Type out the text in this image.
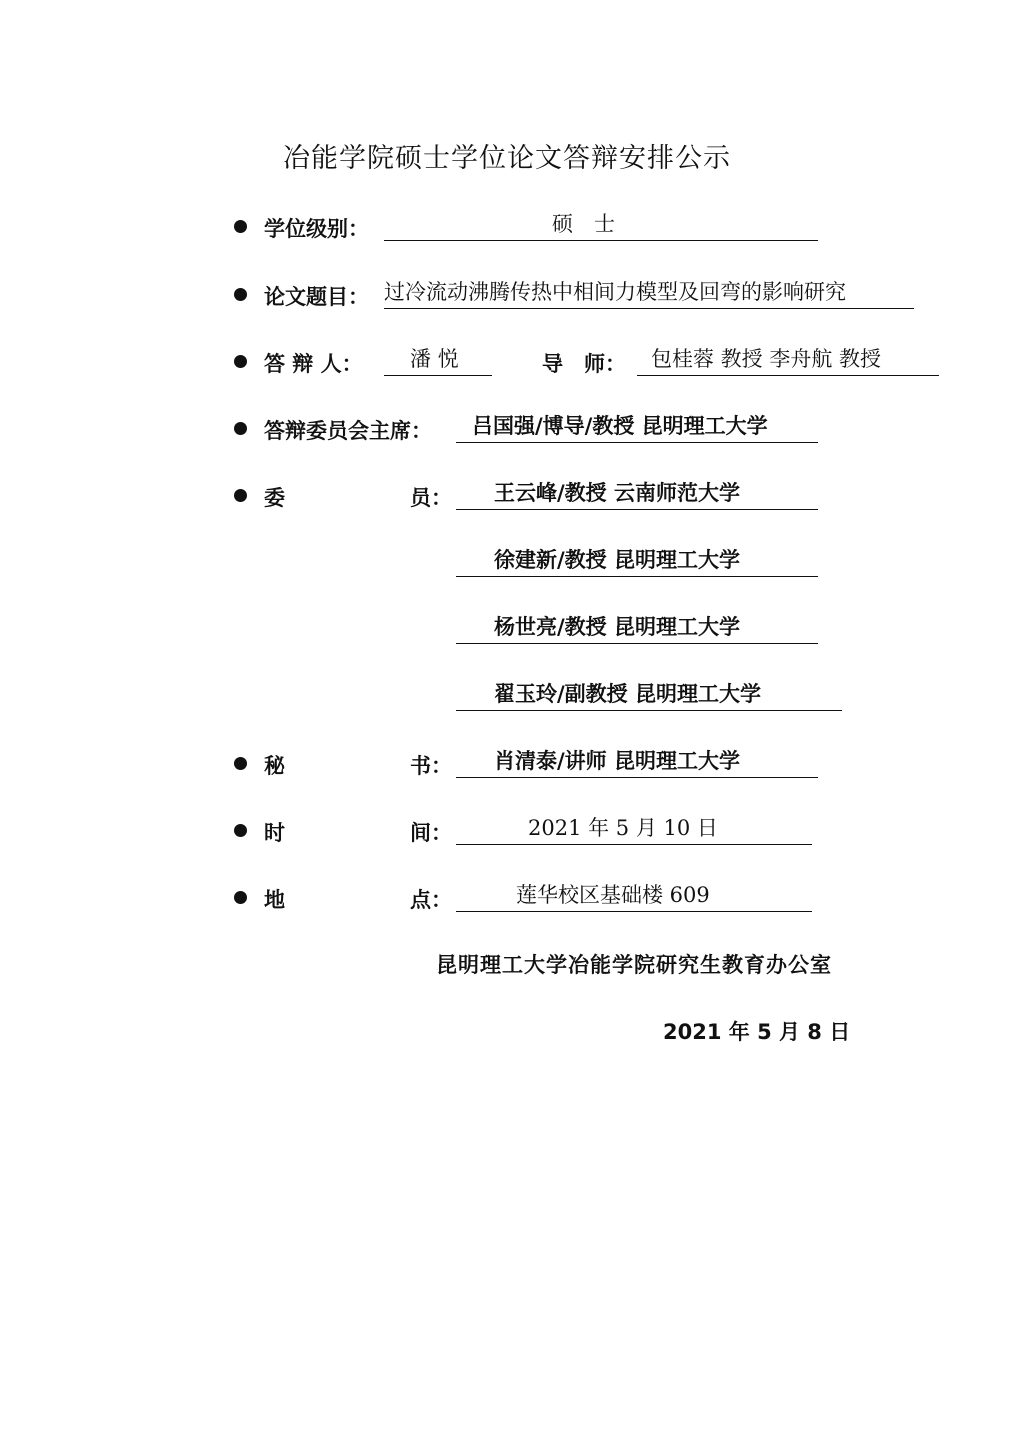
冶能学院硕士学位论文答辩安排公示
学位级别：	硕　士
论文题目： 过冷流动沸腾传热中相间力模型及回弯的影响研究
答 辩 人： 潘 悦	导　师： 包桂蓉 教授 李舟航 教授
答辩委员会主席： 吕国强/博导/教授 昆明理工大学
委	员： 王云峰/教授 云南师范大学
徐建新/教授 昆明理工大学
杨世亮/教授 昆明理工大学
翟玉玲/副教授 昆明理工大学
秘	书： 肖清泰/讲师 昆明理工大学
时	间：	2021 年 5 月 10 日
地	点：	莲华校区基础楼 609
昆明理工大学冶能学院研究生教育办公室
2021 年 5 月 8 日
